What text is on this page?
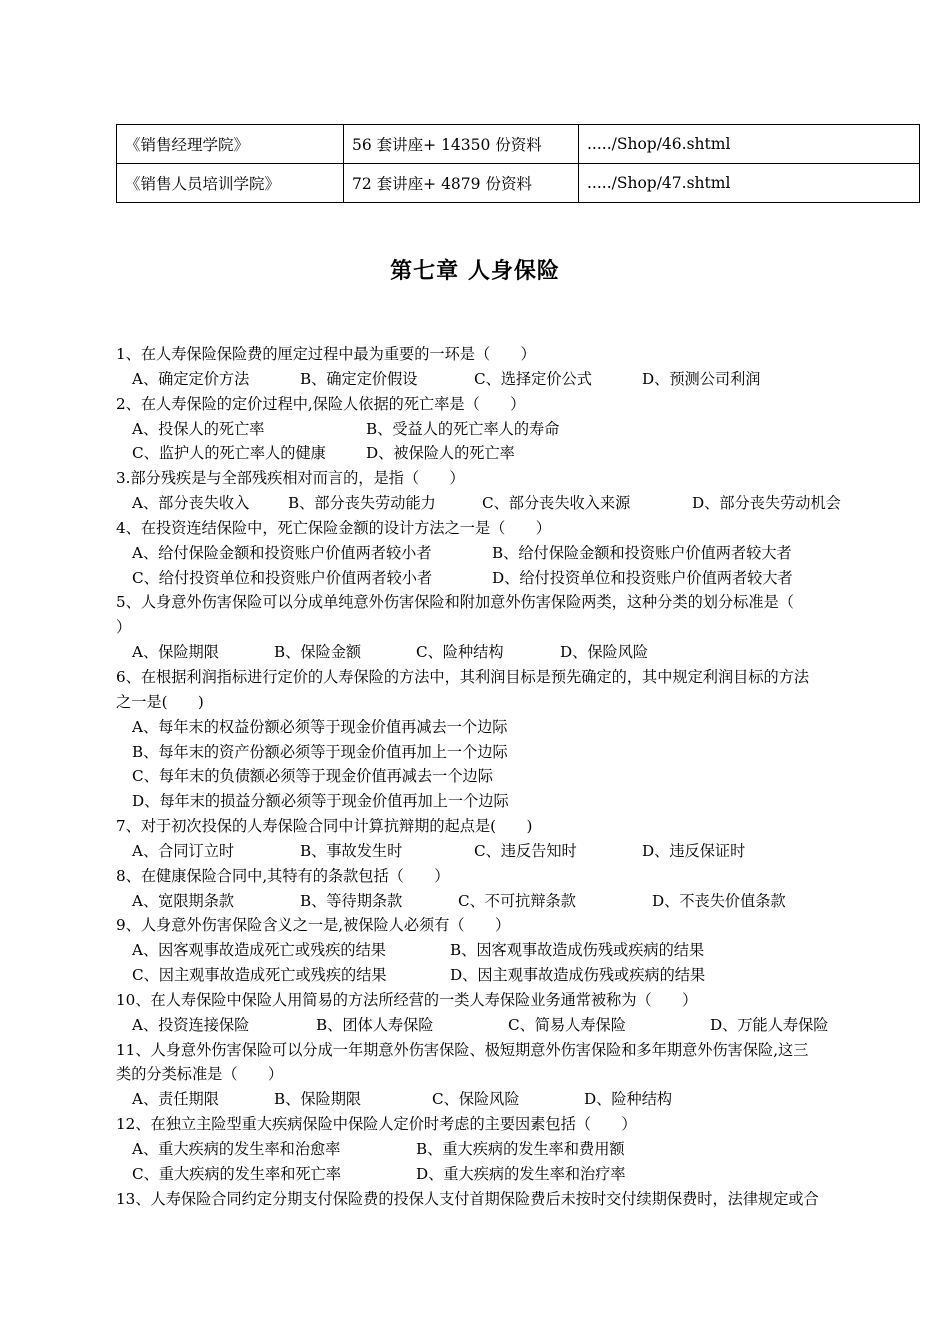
《销售经理学院》	56 套讲座+ 14350 份资料	...../Shop/46.shtml
《销售人员培训学院》	72 套讲座+ 4879 份资料	...../Shop/47.shtml
第七章 人身保险
1、在人寿保险保险费的厘定过程中最为重要的一环是（　　）
A、确定定价方法	B、确定定价假设	C、选择定价公式	D、预测公司利润
2、在人寿保险的定价过程中,保险人依据的死亡率是（　　）
A、投保人的死亡率	B、受益人的死亡率人的寿命
C、监护人的死亡率人的健康	D、被保险人的死亡率
3.部分残疾是与全部残疾相对而言的，是指（　　）
A、部分丧失收入	B、部分丧失劳动能力	C、部分丧失收入来源	D、部分丧失劳动机会
4、在投资连结保险中，死亡保险金额的设计方法之一是（　　）
A、给付保险金额和投资账户价值两者较小者	B、给付保险金额和投资账户价值两者较大者
C、给付投资单位和投资账户价值两者较小者	D、给付投资单位和投资账户价值两者较大者
5、人身意外伤害保险可以分成单纯意外伤害保险和附加意外伤害保险两类，这种分类的划分标准是（
）
A、保险期限	B、保险金额	C、险种结构	D、保险风险
6、在根据利润指标进行定价的人寿保险的方法中，其利润目标是预先确定的，其中规定利润目标的方法
之一是(　　)
A、每年末的权益份额必须等于现金价值再减去一个边际
B、每年末的资产份额必须等于现金价值再加上一个边际
C、每年末的负债额必须等于现金价值再减去一个边际
D、每年末的损益分额必须等于现金价值再加上一个边际
7、对于初次投保的人寿保险合同中计算抗辩期的起点是(　　)
A、合同订立时	B、事故发生时	C、违反告知时	D、违反保证时
8、在健康保险合同中,其特有的条款包括（　　）
A、宽限期条款	B、等待期条款	C、不可抗辩条款	D、不丧失价值条款
9、人身意外伤害保险含义之一是,被保险人必须有（　　）
A、因客观事故造成死亡或残疾的结果	B、因客观事故造成伤残或疾病的结果
C、因主观事故造成死亡或残疾的结果	D、因主观事故造成伤残或疾病的结果
10、在人寿保险中保险人用简易的方法所经营的一类人寿保险业务通常被称为（　　）
A、投资连接保险	B、团体人寿保险	C、简易人寿保险	D、万能人寿保险
11、人身意外伤害保险可以分成一年期意外伤害保险、极短期意外伤害保险和多年期意外伤害保险,这三
类的分类标准是（　　）
A、责任期限	B、保险期限	C、保险风险	D、险种结构
12、在独立主险型重大疾病保险中保险人定价时考虑的主要因素包括（　　）
A、重大疾病的发生率和治愈率	B、重大疾病的发生率和费用额
C、重大疾病的发生率和死亡率	D、重大疾病的发生率和治疗率
13、人寿保险合同约定分期支付保险费的投保人支付首期保险费后未按时交付续期保费时，法律规定或合
